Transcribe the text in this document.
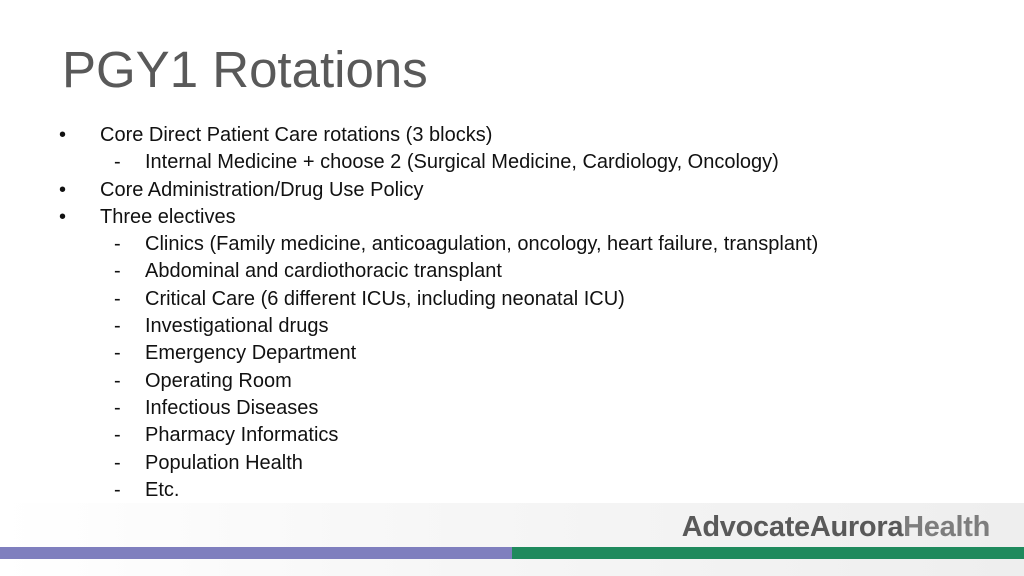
PGY1 Rotations
• Core Direct Patient Care rotations (3 blocks)
- Internal Medicine + choose 2 (Surgical Medicine, Cardiology, Oncology)
• Core Administration/Drug Use Policy
• Three electives
- Clinics (Family medicine, anticoagulation, oncology, heart failure, transplant)
- Abdominal and cardiothoracic transplant
- Critical Care (6 different ICUs, including neonatal ICU)
- Investigational drugs
- Emergency Department
- Operating Room
- Infectious Diseases
- Pharmacy Informatics
- Population Health
- Etc.
AdvocateAuroraHealth
